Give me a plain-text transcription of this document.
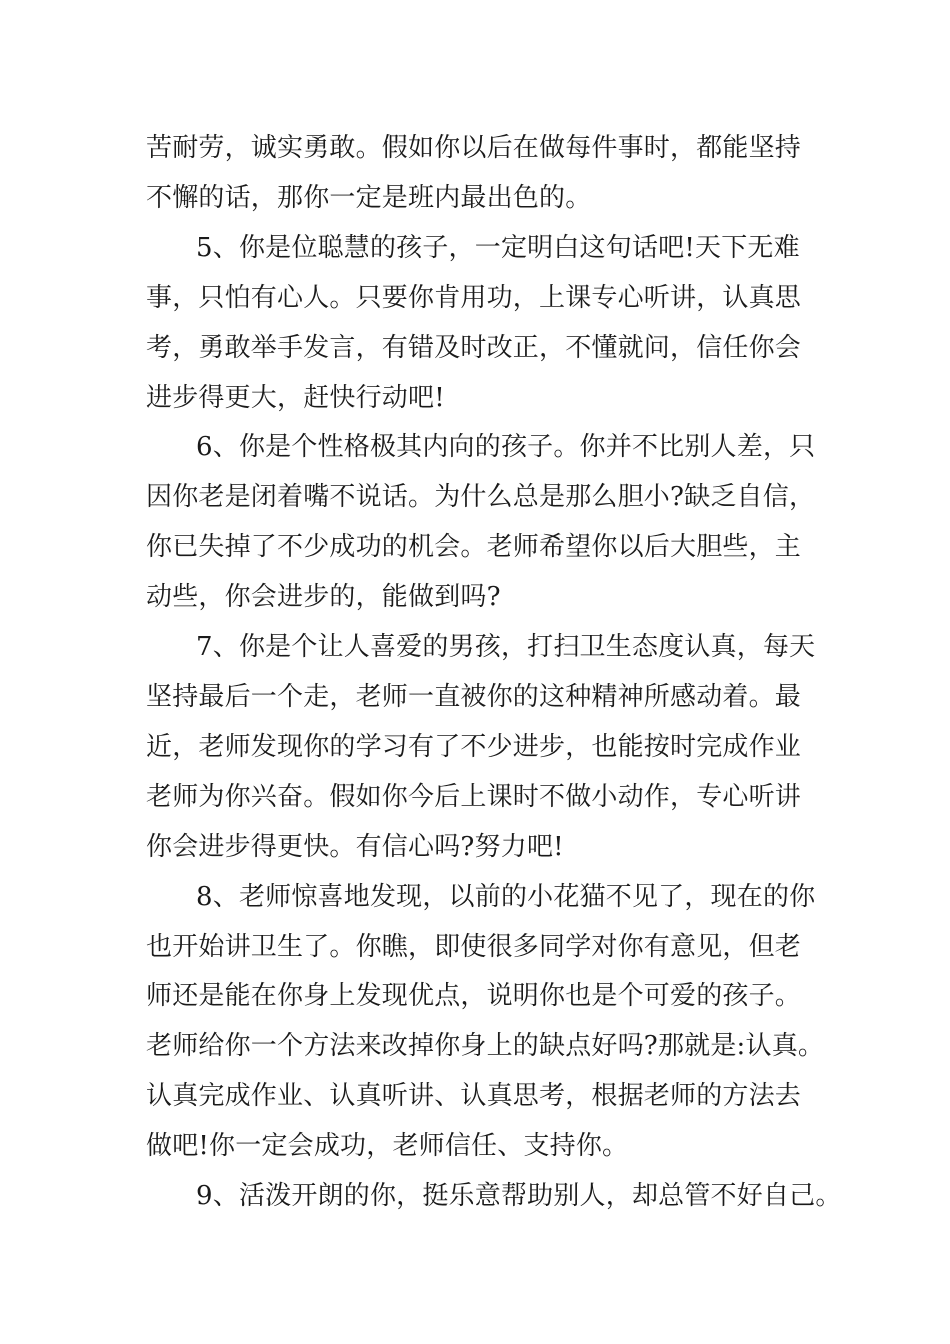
苦耐劳，诚实勇敢。假如你以后在做每件事时，都能坚持
不懈的话，那你一定是班内最出色的。
5、你是位聪慧的孩子，一定明白这句话吧!天下无难
事，只怕有心人。只要你肯用功，上课专心听讲，认真思
考，勇敢举手发言，有错及时改正，不懂就问，信任你会
进步得更大，赶快行动吧!
6、你是个性格极其内向的孩子。你并不比别人差，只
因你老是闭着嘴不说话。为什么总是那么胆小?缺乏自信，
你已失掉了不少成功的机会。老师希望你以后大胆些，主
动些，你会进步的，能做到吗?
7、你是个让人喜爱的男孩，打扫卫生态度认真，每天
坚持最后一个走，老师一直被你的这种精神所感动着。最
近，老师发现你的学习有了不少进步，也能按时完成作业
老师为你兴奋。假如你今后上课时不做小动作，专心听讲
你会进步得更快。有信心吗?努力吧!
8、老师惊喜地发现，以前的小花猫不见了，现在的你
也开始讲卫生了。你瞧，即使很多同学对你有意见，但老
师还是能在你身上发现优点，说明你也是个可爱的孩子。
老师给你一个方法来改掉你身上的缺点好吗?那就是:认真。
认真完成作业、认真听讲、认真思考，根据老师的方法去
做吧!你一定会成功，老师信任、支持你。
9、活泼开朗的你，挺乐意帮助别人，却总管不好自己。
